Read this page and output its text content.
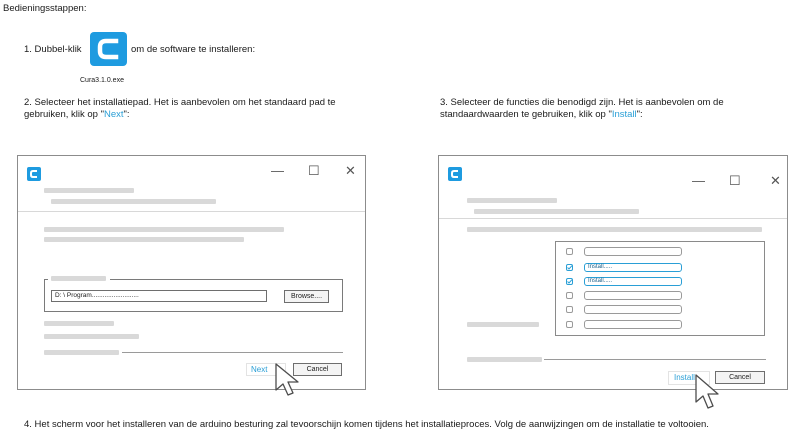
Bedieningsstappen:
1. Dubbel-klik	om de software te installeren:
Cura3.1.0.exe
2. Selecteer het installatiepad. Het is aanbevolen om het standaard pad te gebruiken, klik op "Next":
3. Selecteer de functies die benodigd zijn. Het is aanbevolen om de standaardwaarden te gebruiken, klik op "Install":
— ☐ ✕
D: \ Program..........................	Browse....
Next	Cancel
— ☐ ✕
Install.....
Install.....
Install	Cancel
4. Het scherm voor het installeren van de arduino besturing zal tevoorschijn komen tijdens het installatieproces. Volg de aanwijzingen om de installatie te voltooien.
